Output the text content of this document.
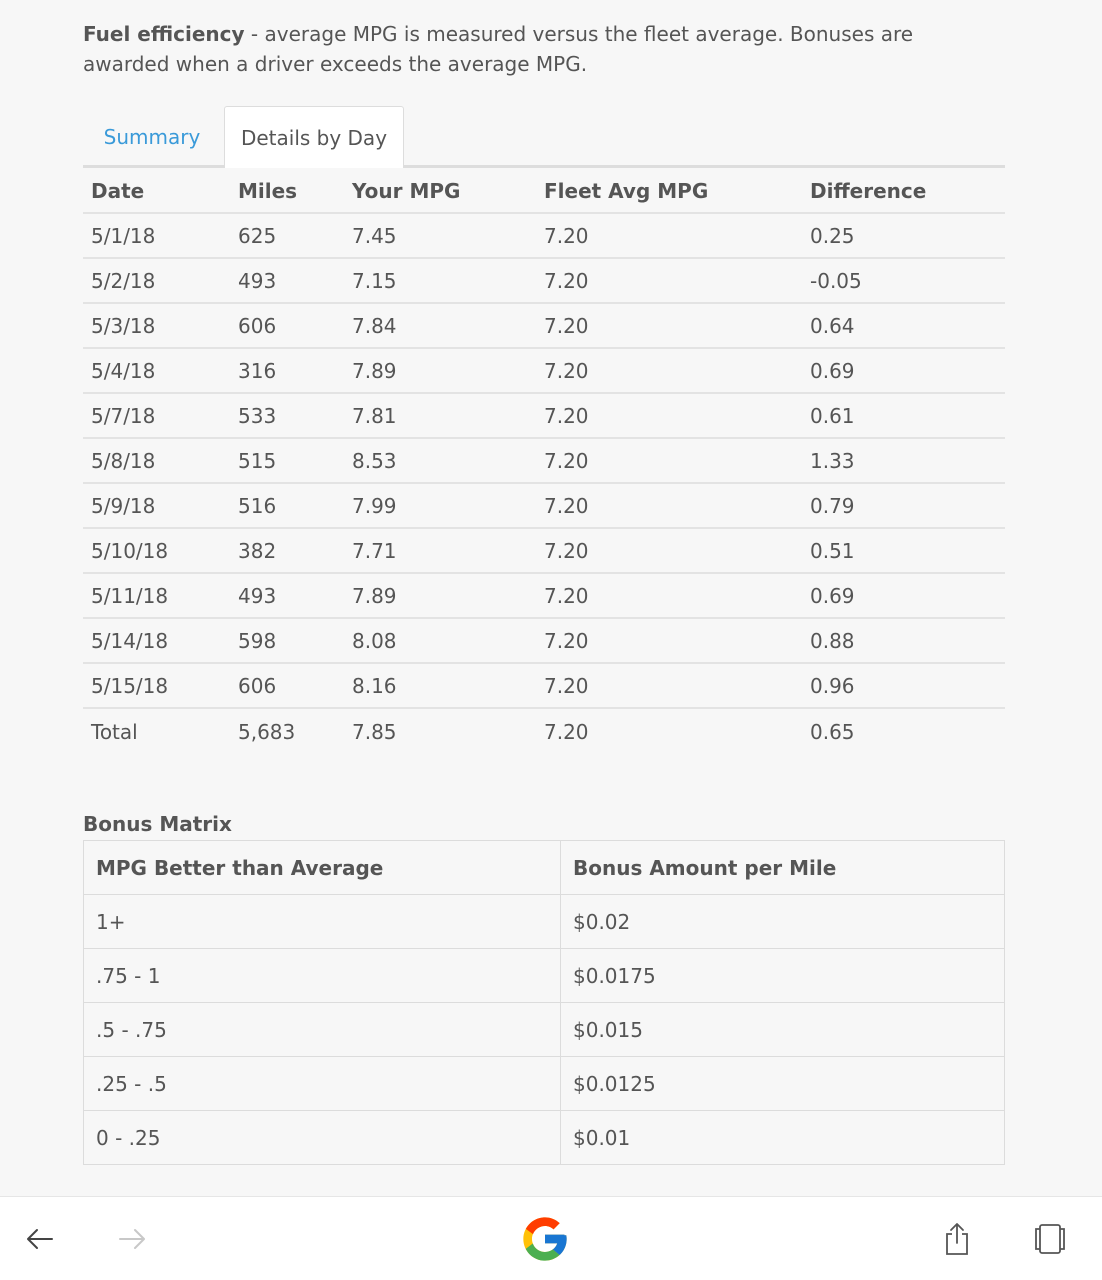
Fuel efficiency - average MPG is measured versus the fleet average. Bonuses are awarded when a driver exceeds the average MPG.

Summary	Details by Day
Date	Miles	Your MPG	Fleet Avg MPG	Difference
5/1/18	625	7.45	7.20	0.25
5/2/18	493	7.15	7.20	-0.05
5/3/18	606	7.84	7.20	0.64
5/4/18	316	7.89	7.20	0.69
5/7/18	533	7.81	7.20	0.61
5/8/18	515	8.53	7.20	1.33
5/9/18	516	7.99	7.20	0.79
5/10/18	382	7.71	7.20	0.51
5/11/18	493	7.89	7.20	0.69
5/14/18	598	8.08	7.20	0.88
5/15/18	606	8.16	7.20	0.96
Total	5,683	7.85	7.20	0.65
Bonus Matrix
MPG Better than Average	Bonus Amount per Mile
1+	$0.02
.75 - 1	$0.0175
.5 - .75	$0.015
.25 - .5	$0.0125
0 - .25	$0.01
